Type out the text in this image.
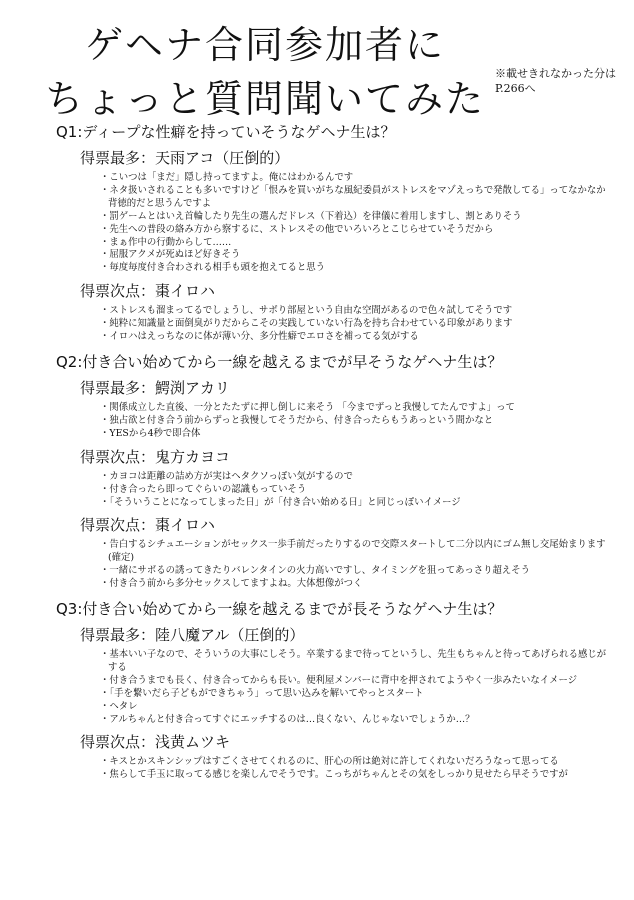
ゲヘナ合同参加者に
ちょっと質問聞いてみた
※載せきれなかった分はP.266へ
Q1:ディープな性癖を持っていそうなゲヘナ生は？
得票最多：天雨アコ（圧倒的）
・ こいつは「まだ」隠し持ってますよ。俺にはわかるんです
・ ネタ扱いされることも多いですけど「恨みを買いがちな風紀委員がストレスをマゾえっちで発散してる」ってなかなか背徳的だと思うんですよ
・ 罰ゲームとはいえ首輪したり先生の選んだドレス（下着込）を律儀に着用しますし、割とありそう
・ 先生への普段の絡み方から察するに、ストレスその他でいろいろとこじらせていそうだから
・ まぁ作中の行動からして……
・ 屈服アクメが死ぬほど好きそう
・ 毎度毎度付き合わされる相手も頭を抱えてると思う
得票次点：棗イロハ
・ ストレスも溜まってるでしょうし、サボり部屋という自由な空間があるので色々試してそうです
・ 純粋に知識量と面倒臭がりだからこその実践していない行為を持ち合わせている印象があります
・ イロハはえっちなのに体が薄い分、多分性癖でエロさを補ってる気がする
Q2:付き合い始めてから一線を越えるまでが早そうなゲヘナ生は？
得票最多：鰐渕アカリ
・ 関係成立した直後、一分とたたずに押し倒しに来そう 「今までずっと我慢してたんですよ」って
・ 独占欲と付き合う前からずっと我慢してそうだから、付き合ったらもうあっという間かなと
・ YESから4秒で即合体
得票次点：鬼方カヨコ
・ カヨコは距離の詰め方が実はヘタクソっぽい気がするので
・ 付き合ったら即ってぐらいの認識もっていそう
・ 「そういうことになってしまった日」が「付き合い始める日」と同じっぽいイメージ
得票次点：棗イロハ
・ 告白するシチュエーションがセックス一歩手前だったりするので交際スタートして二分以内にゴム無し交尾始まります(確定)
・ 一緒にサボるの誘ってきたりバレンタインの火力高いですし、タイミングを狙ってあっさり超えそう
・ 付き合う前から多分セックスしてますよね。大体想像がつく
Q3:付き合い始めてから一線を越えるまでが長そうなゲヘナ生は？
得票最多：陸八魔アル（圧倒的）
・ 基本いい子なので、そういうの大事にしそう。卒業するまで待ってというし、先生もちゃんと待ってあげられる感じがする
・ 付き合うまでも長く、付き合ってからも長い。便利屋メンバーに背中を押されてようやく一歩みたいなイメージ
・ 「手を繋いだら子どもができちゃう」って思い込みを解いてやっとスタート
・ ヘタレ
・ アルちゃんと付き合ってすぐにエッチするのは…良くない、んじゃないでしょうか…？
得票次点：浅黄ムツキ
・ キスとかスキンシップはすごくさせてくれるのに、肝心の所は絶対に許してくれないだろうなって思ってる
・ 焦らして手玉に取ってる感じを楽しんでそうです。こっちがちゃんとその気をしっかり見せたら早そうですが
